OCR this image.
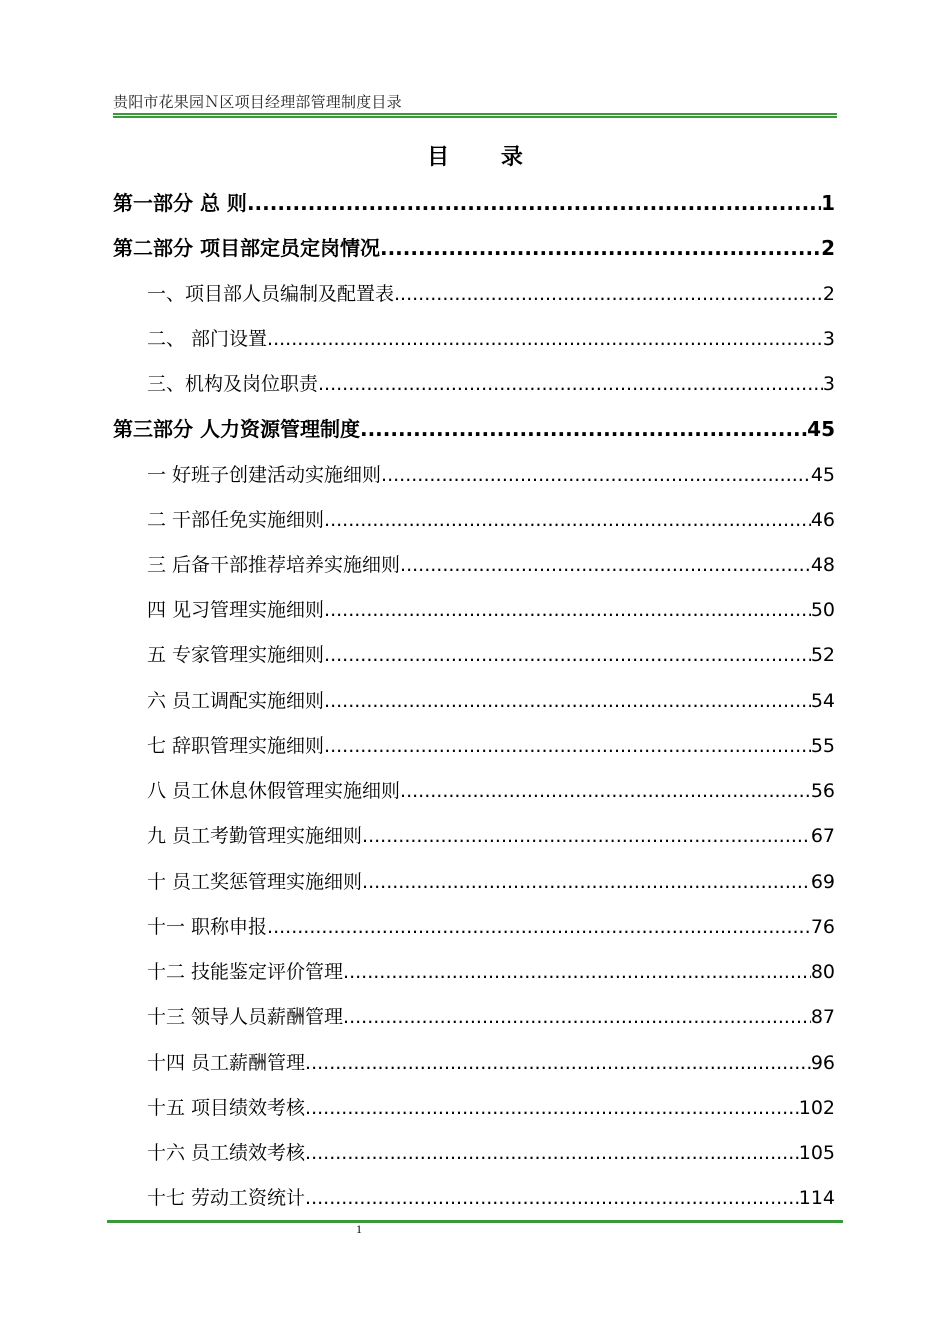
贵阳市花果园Ｎ区项目经理部管理制度目录
目 录
第一部分 总 则 .....	1
第二部分 项目部定员定岗情况 .....	2
一、项目部人员编制及配置表 .....	2
二、 部门设置 .....	3
三、机构及岗位职责 .....	3
第三部分 人力资源管理制度 .....	45
一 好班子创建活动实施细则 .....	45
二 干部任免实施细则 .....	46
三 后备干部推荐培养实施细则 .....	48
四 见习管理实施细则 .....	50
五 专家管理实施细则 .....	52
六 员工调配实施细则 .....	54
七 辞职管理实施细则 .....	55
八 员工休息休假管理实施细则 .....	56
九 员工考勤管理实施细则 .....	67
十 员工奖惩管理实施细则 .....	69
十一 职称申报 .....	76
十二 技能鉴定评价管理 .....	80
十三 领导人员薪酬管理 .....	87
十四 员工薪酬管理 .....	96
十五 项目绩效考核 .....	102
十六 员工绩效考核 .....	105
十七 劳动工资统计 .....	114
1
